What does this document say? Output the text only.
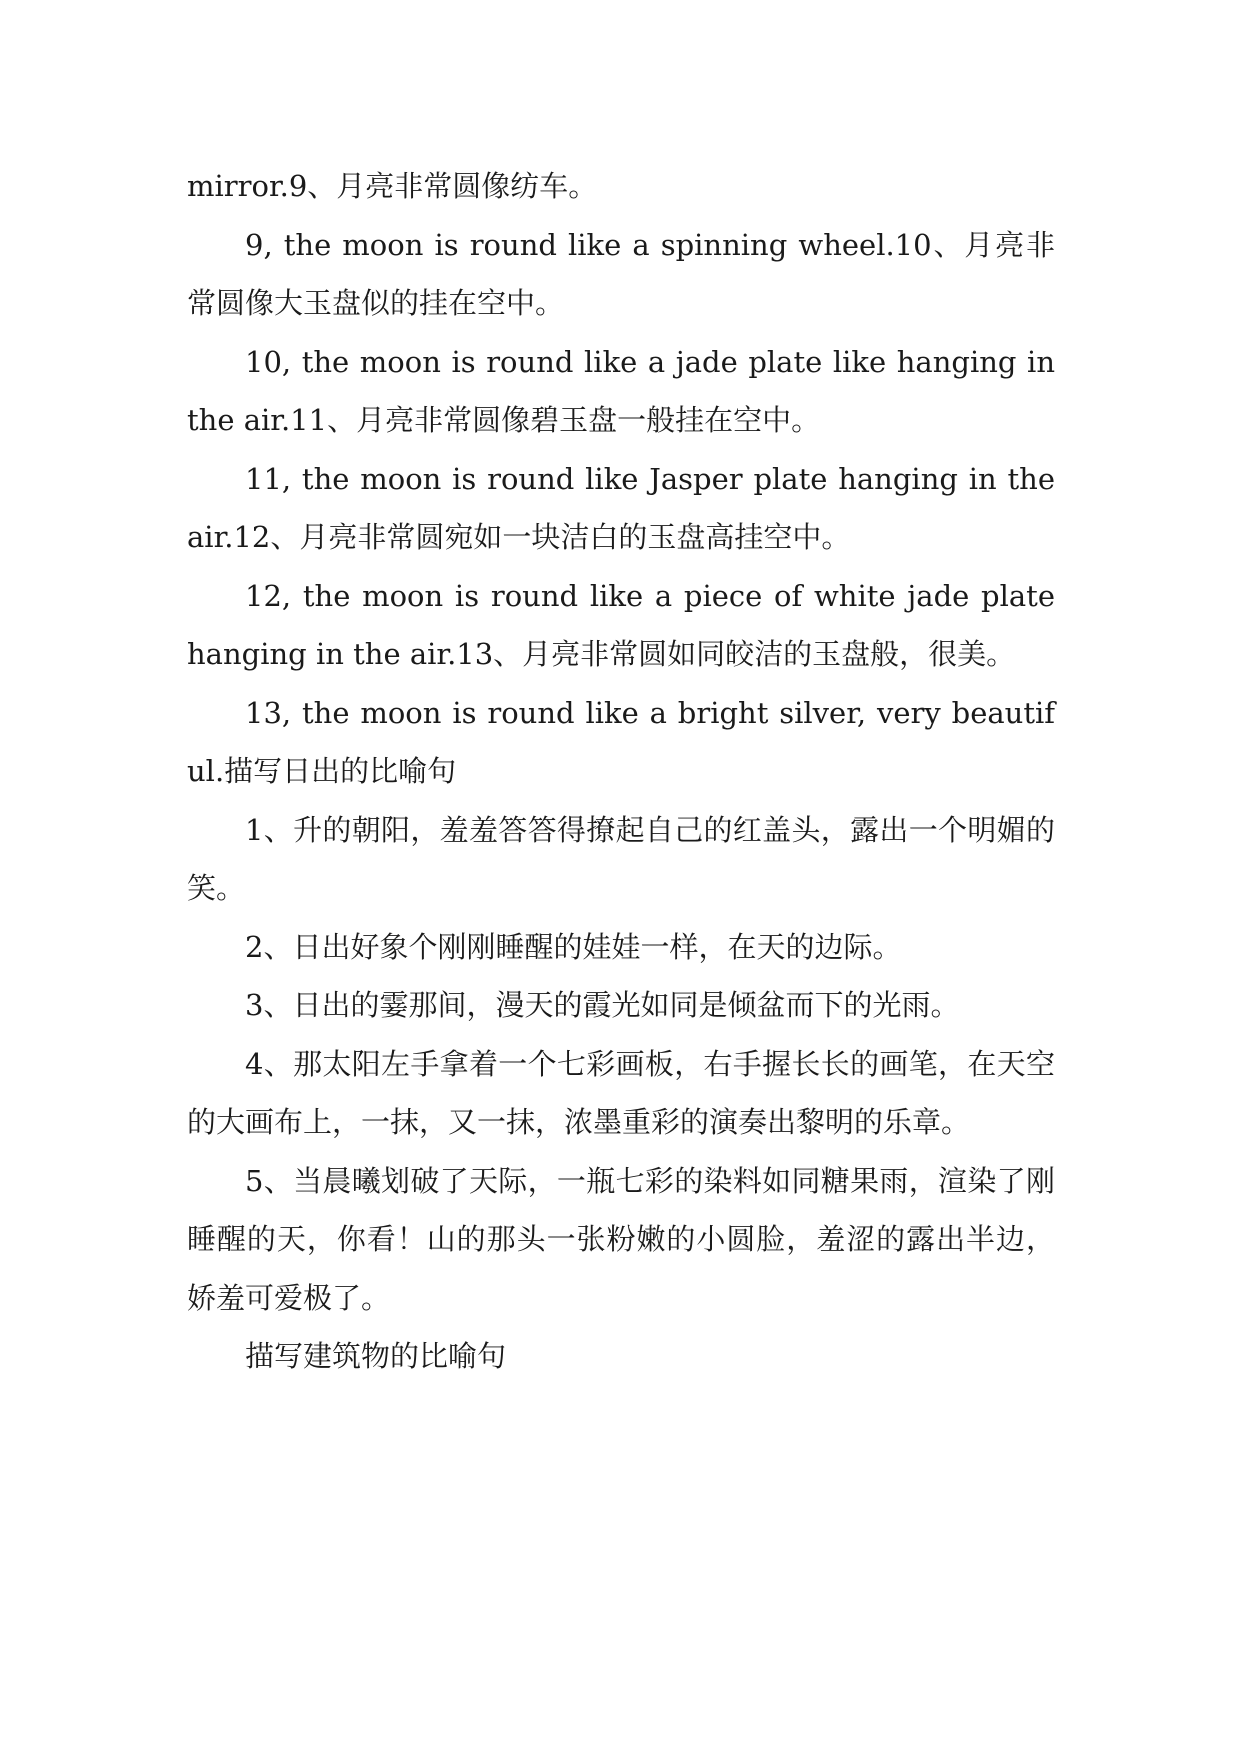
mirror.9、月亮非常圆像纺车。

9, the moon is round like a spinning wheel.10、月亮非常圆像大玉盘似的挂在空中。

10, the moon is round like a jade plate like hanging in the air.11、月亮非常圆像碧玉盘一般挂在空中。

11, the moon is round like Jasper plate hanging in the air.12、月亮非常圆宛如一块洁白的玉盘高挂空中。

12, the moon is round like a piece of white jade plate hanging in the air.13、月亮非常圆如同皎洁的玉盘般，很美。

13, the moon is round like a bright silver, very beautiful.描写日出的比喻句

1、升的朝阳，羞羞答答得撩起自己的红盖头，露出一个明媚的笑。

2、日出好象个刚刚睡醒的娃娃一样，在天的边际。

3、日出的霎那间，漫天的霞光如同是倾盆而下的光雨。

4、那太阳左手拿着一个七彩画板，右手握长长的画笔，在天空的大画布上，一抹，又一抹，浓墨重彩的演奏出黎明的乐章。

5、当晨曦划破了天际，一瓶七彩的染料如同糖果雨，渲染了刚睡醒的天，你看！山的那头一张粉嫩的小圆脸，羞涩的露出半边，娇羞可爱极了。

描写建筑物的比喻句
